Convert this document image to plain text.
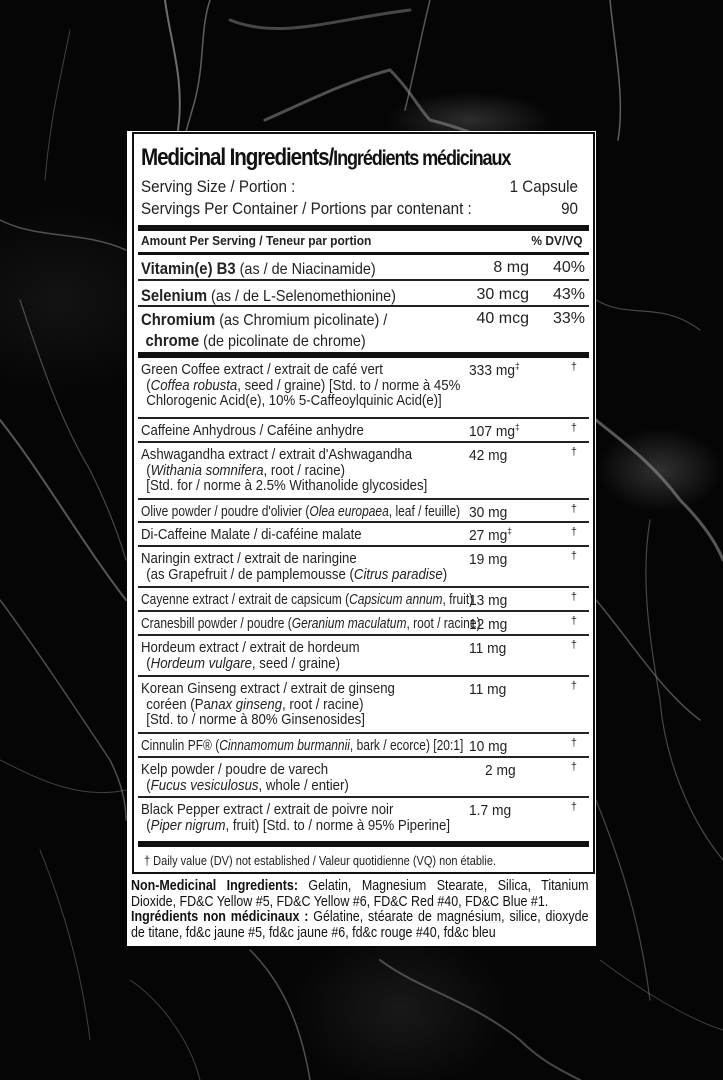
Medicinal Ingredients/Ingrédients médicinaux
Serving Size / Portion :	1 Capsule
Servings Per Container / Portions par contenant :	90
Amount Per Serving / Teneur par portion	% DV/VQ
Vitamin(e) B3 (as / de Niacinamide)	8 mg 40%
Selenium (as / de L-Selenomethionine)	30 mcg 43%
Chromium (as Chromium picolinate) /
chrome (de picolinate de chrome)
40 mcg 33%
Green Coffee extract / extrait de café vert
(Coffea robusta, seed / graine) [Std. to / norme à 45%
Chlorogenic Acid(e), 10% 5-Caffeoylquinic Acid(e)]
333 mg‡	†
Caffeine Anhydrous / Caféine anhydre	107 mg‡	†
Ashwagandha extract / extrait d'Ashwagandha
(Withania somnifera, root / racine)
[Std. for / norme à 2.5% Withanolide glycosides]
42 mg	†
Olive powder / poudre d'olivier (Olea europaea, leaf / feuille) 30 mg	†
Di-Caffeine Malate / di-caféine malate	27 mg‡	†
Naringin extract / extrait de naringine
(as Grapefruit / de pamplemousse (Citrus paradise)
19 mg	†
Cayenne extract / extrait de capsicum (Capsicum annum, fruit)
13 mg	†
Cranesbill powder / poudre (Geranium maculatum, root / racine)
12 mg	†
Hordeum extract / extrait de hordeum
(Hordeum vulgare, seed / graine)
11 mg	†
Korean Ginseng extract / extrait de ginseng
coréen (Panax ginseng, root / racine)
[Std. to / norme à 80% Ginsenosides]
11 mg	†
Cinnulin PF® (Cinnamomum burmannii, bark / ecorce) [20:1] 10 mg	†
Kelp powder / poudre de varech
(Fucus vesiculosus, whole / entier)
2 mg	†
Black Pepper extract / extrait de poivre noir
(Piper nigrum, fruit) [Std. to / norme à 95% Piperine]
1.7 mg	†
† Daily value (DV) not established / Valeur quotidienne (VQ) non établie.
Non-Medicinal Ingredients: Gelatin, Magnesium Stearate, Silica, Titanium Dioxide, FD&C Yellow #5, FD&C Yellow #6, FD&C Red #40, FD&C Blue #1.
Ingrédients non médicinaux : Gélatine, stéarate de magnésium, silice, dioxyde de titane, fd&c jaune #5, fd&c jaune #6, fd&c rouge #40, fd&c bleu
